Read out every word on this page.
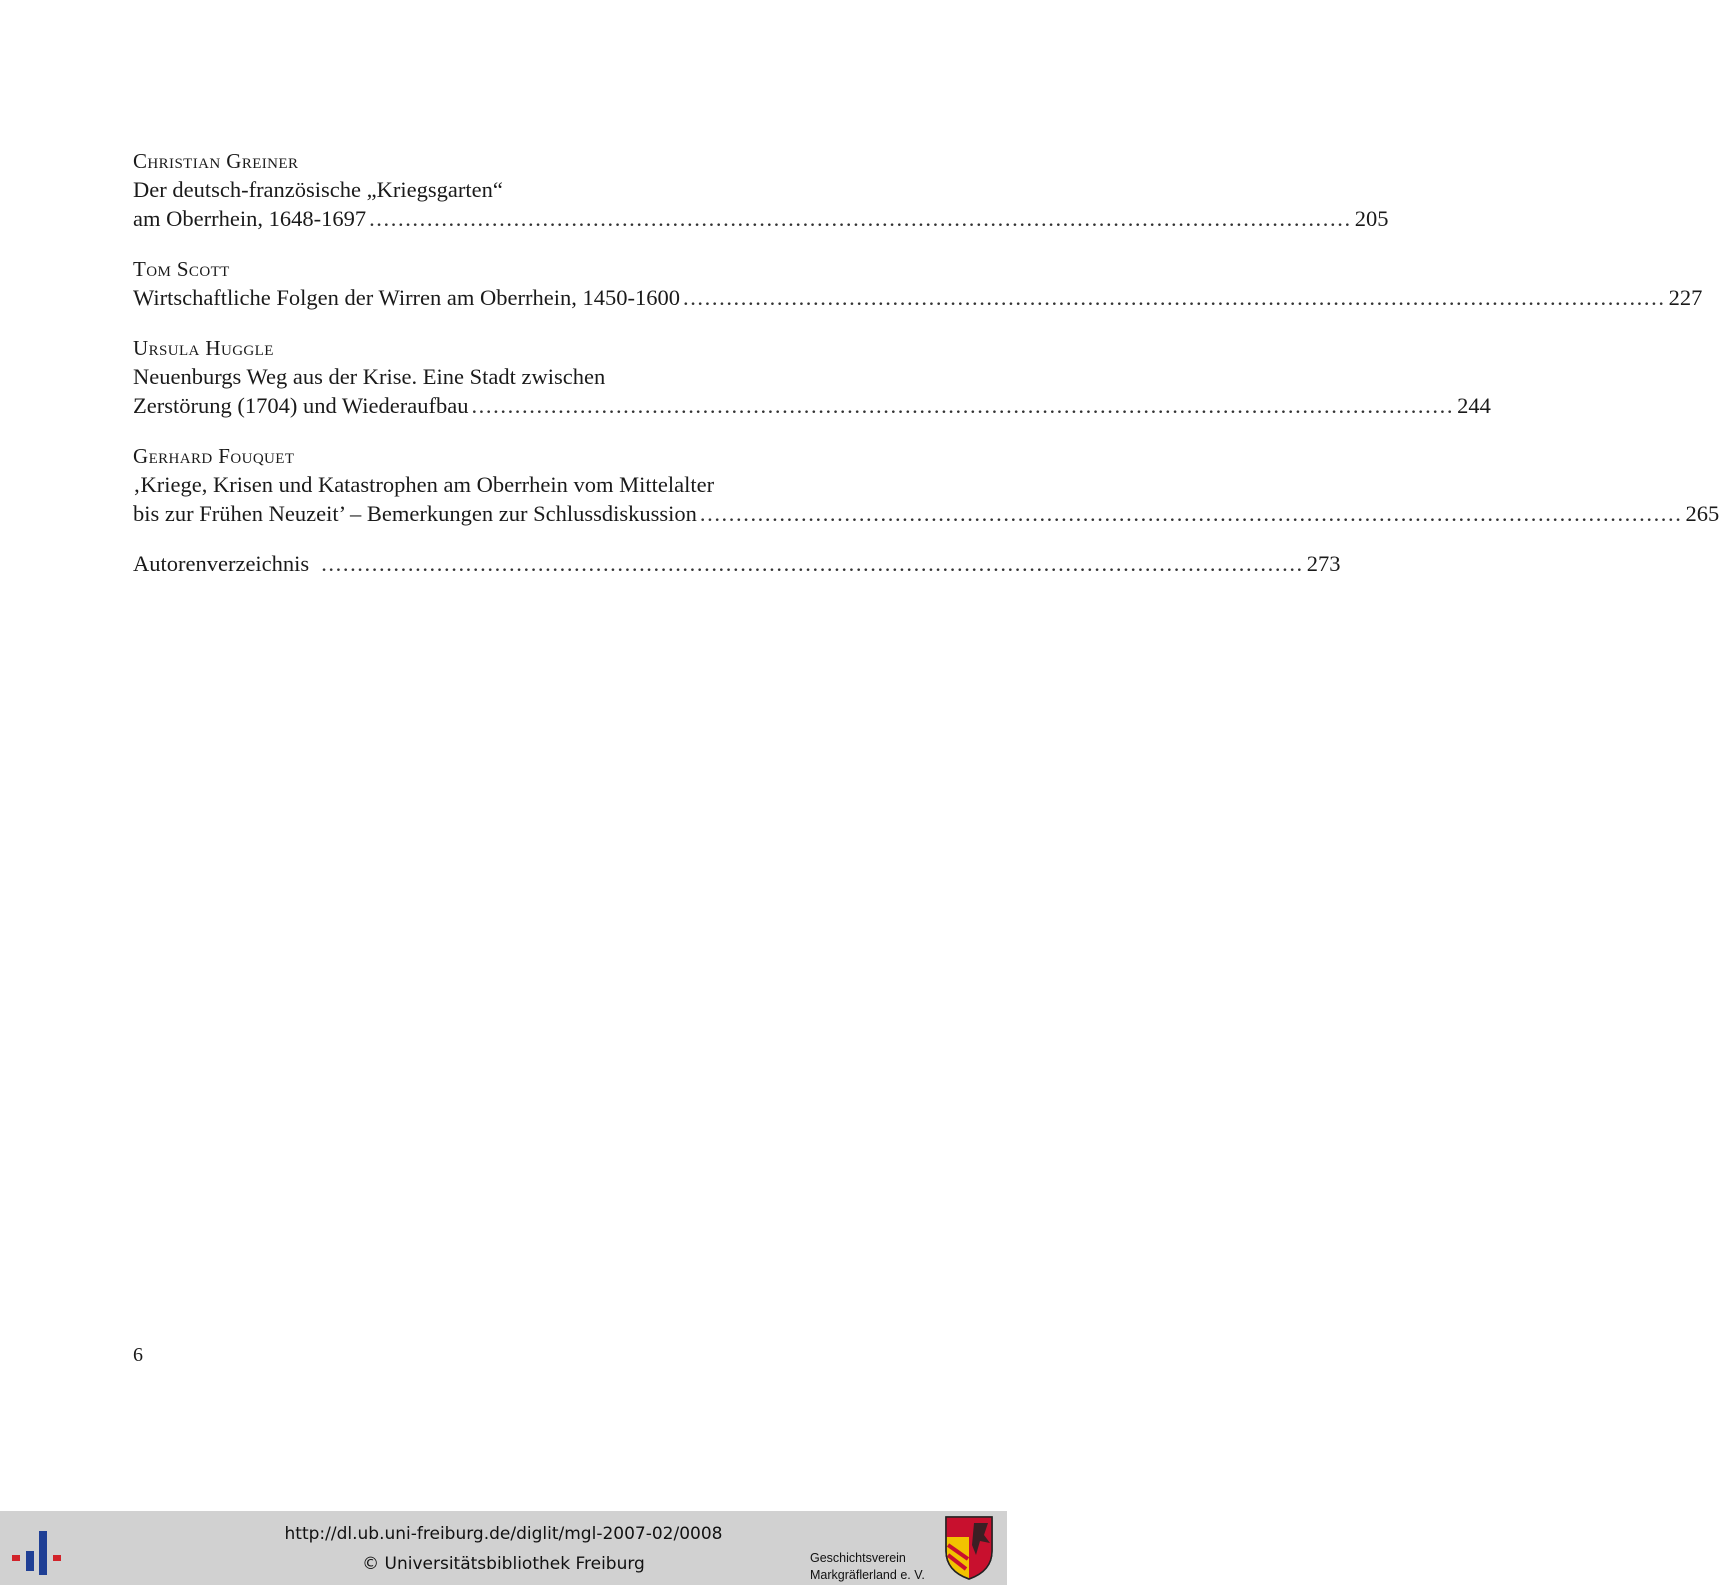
Christian Greiner
Der deutsch-französische „Kriegsgarten“
am Oberrhein, 1648-1697 ........................................................................................................................................ 205
Tom Scott
Wirtschaftliche Folgen der Wirren am Oberrhein, 1450-1600 ........................................................................................................................................ 227
Ursula Huggle
Neuenburgs Weg aus der Krise. Eine Stadt zwischen
Zerstörung (1704) und Wiederaufbau ........................................................................................................................................ 244
Gerhard Fouquet
‚Kriege, Krisen und Katastrophen am Oberrhein vom Mittelalter
bis zur Frühen Neuzeit’ – Bemerkungen zur Schlussdiskussion ........................................................................................................................................ 265
Autorenverzeichnis ........................................................................................................................................ 273
6
http://dl.ub.uni-freiburg.de/diglit/mgl-2007-02/0008
© Universitätsbibliothek Freiburg	Geschichtsverein
Markgräflerland e. V.
